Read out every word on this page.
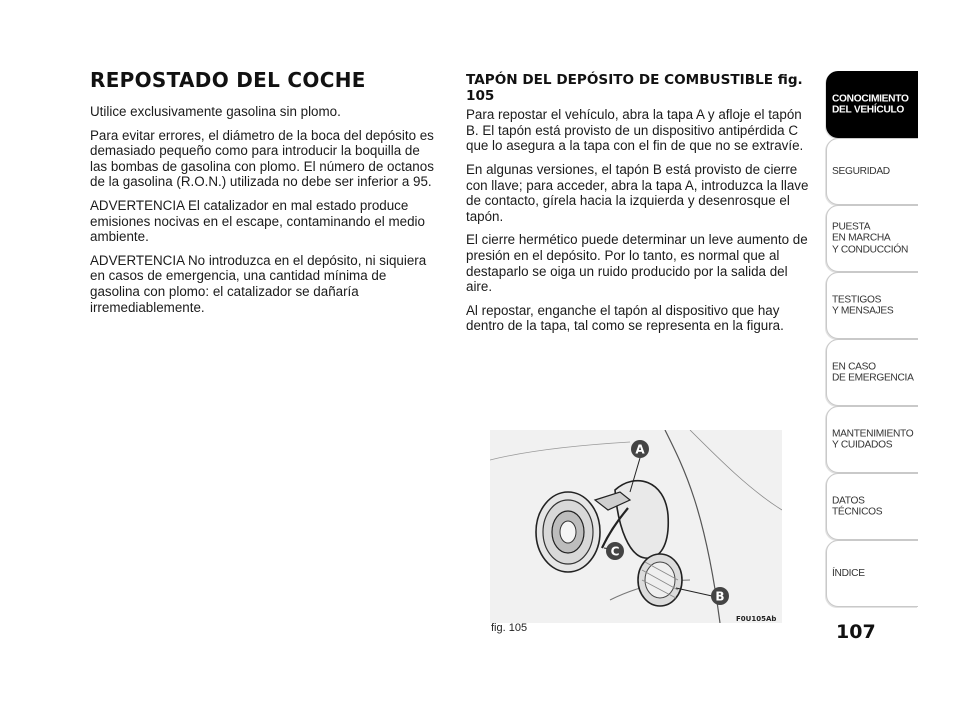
REPOSTADO DEL COCHE

Utilice exclusivamente gasolina sin plomo.

Para evitar errores, el diámetro de la boca del depósito es demasiado pequeño como para introducir la boquilla de las bombas de gasolina con plomo. El número de octanos de la gasolina (R.O.N.) utilizada no debe ser inferior a 95.

ADVERTENCIA El catalizador en mal estado produce emisiones nocivas en el escape, contaminando el medio ambiente.

ADVERTENCIA No introduzca en el depósito, ni siquiera en casos de emergencia, una cantidad mínima de gasolina con plomo: el catalizador se dañaría irremediablemente.

TAPÓN DEL DEPÓSITO DE COMBUSTIBLE fig. 105

Para repostar el vehículo, abra la tapa A y afloje el tapón B. El tapón está provisto de un dispositivo antipérdida C que lo asegura a la tapa con el fin de que no se extravíe.

En algunas versiones, el tapón B está provisto de cierre con llave; para acceder, abra la tapa A, introduzca la llave de contacto, gírela hacia la izquierda y desenrosque el tapón.

El cierre hermético puede determinar un leve aumento de presión en el depósito. Por lo tanto, es normal que al destaparlo se oiga un ruido producido por la salida del aire.

Al repostar, enganche el tapón al dispositivo que hay dentro de la tapa, tal como se representa en la figura.

A
C
B
fig. 105
F0U105Ab
CONOCIMIENTO
DEL VEHÍCULO
SEGURIDAD
PUESTA
EN MARCHA
Y CONDUCCIÓN
TESTIGOS
Y MENSAJES
EN CASO
DE EMERGENCIA
MANTENIMIENTO
Y CUIDADOS
DATOS TÉCNICOS
ÍNDICE
107
